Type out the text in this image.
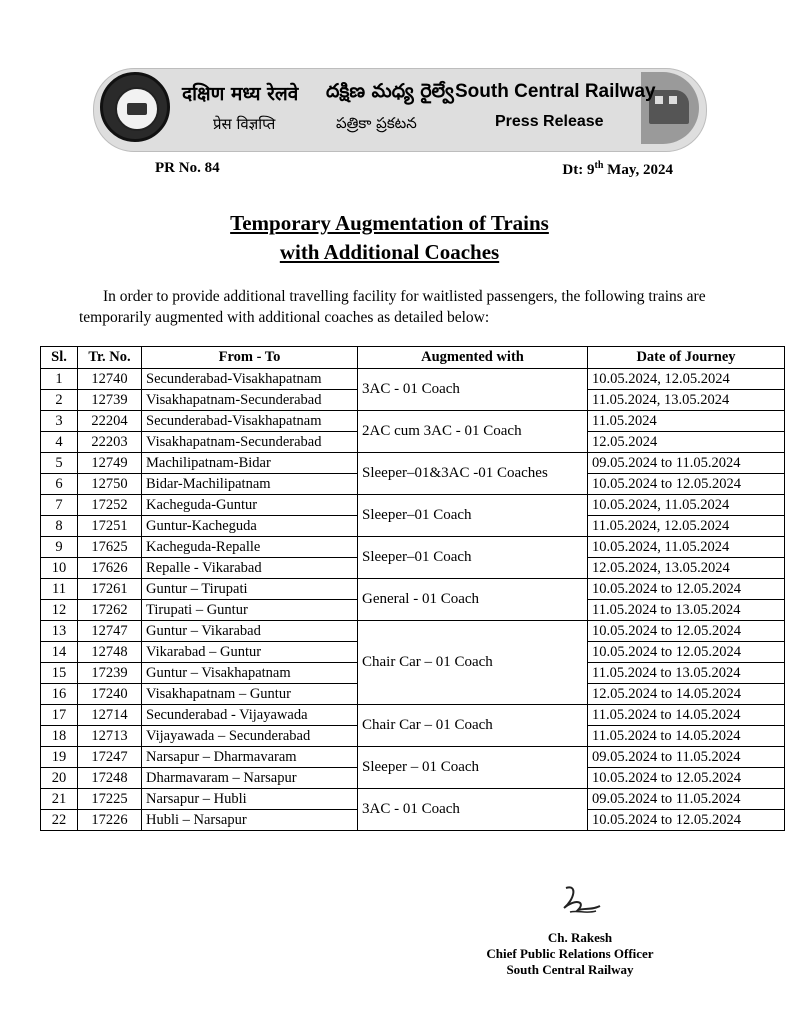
दक्षिण मध्य रेलवे
प्रेस विज्ञप्ति
దక్షిణ మధ్య రైల్వే
పత్రికా ప్రకటన
South Central Railway
Press Release
PR No. 84	Dt: 9th May, 2024
Temporary Augmentation of Trains
with Additional Coaches
In order to provide additional travelling facility for waitlisted passengers, the following trains are temporarily augmented with additional coaches as detailed below:
Sl.	Tr. No.	From - To	Augmented with	Date of Journey
1	12740	Secunderabad-Visakhapatnam	3AC - 01 Coach	10.05.2024, 12.05.2024
2	12739	Visakhapatnam-Secunderabad		11.05.2024, 13.05.2024
3	22204	Secunderabad-Visakhapatnam	2AC cum 3AC - 01 Coach	11.05.2024
4	22203	Visakhapatnam-Secunderabad		12.05.2024
5	12749	Machilipatnam-Bidar	Sleeper–01&3AC -01 Coaches	09.05.2024 to 11.05.2024
6	12750	Bidar-Machilipatnam		10.05.2024 to 12.05.2024
7	17252	Kacheguda-Guntur	Sleeper–01 Coach	10.05.2024, 11.05.2024
8	17251	Guntur-Kacheguda		11.05.2024, 12.05.2024
9	17625	Kacheguda-Repalle	Sleeper–01 Coach	10.05.2024, 11.05.2024
10	17626	Repalle - Vikarabad		12.05.2024, 13.05.2024
11	17261	Guntur – Tirupati	General - 01 Coach	10.05.2024 to 12.05.2024
12	17262	Tirupati – Guntur		11.05.2024 to 13.05.2024
13	12747	Guntur – Vikarabad	Chair Car – 01 Coach	10.05.2024 to 12.05.2024
14	12748	Vikarabad – Guntur		10.05.2024 to 12.05.2024
15	17239	Guntur – Visakhapatnam		11.05.2024 to 13.05.2024
16	17240	Visakhapatnam – Guntur		12.05.2024 to 14.05.2024
17	12714	Secunderabad - Vijayawada	Chair Car – 01 Coach	11.05.2024 to 14.05.2024
18	12713	Vijayawada – Secunderabad		11.05.2024 to 14.05.2024
19	17247	Narsapur – Dharmavaram	Sleeper – 01 Coach	09.05.2024 to 11.05.2024
20	17248	Dharmavaram – Narsapur		10.05.2024 to 12.05.2024
21	17225	Narsapur – Hubli	3AC - 01 Coach	09.05.2024 to 11.05.2024
22	17226	Hubli – Narsapur		10.05.2024 to 12.05.2024
Ch. Rakesh
Chief Public Relations Officer
South Central Railway
